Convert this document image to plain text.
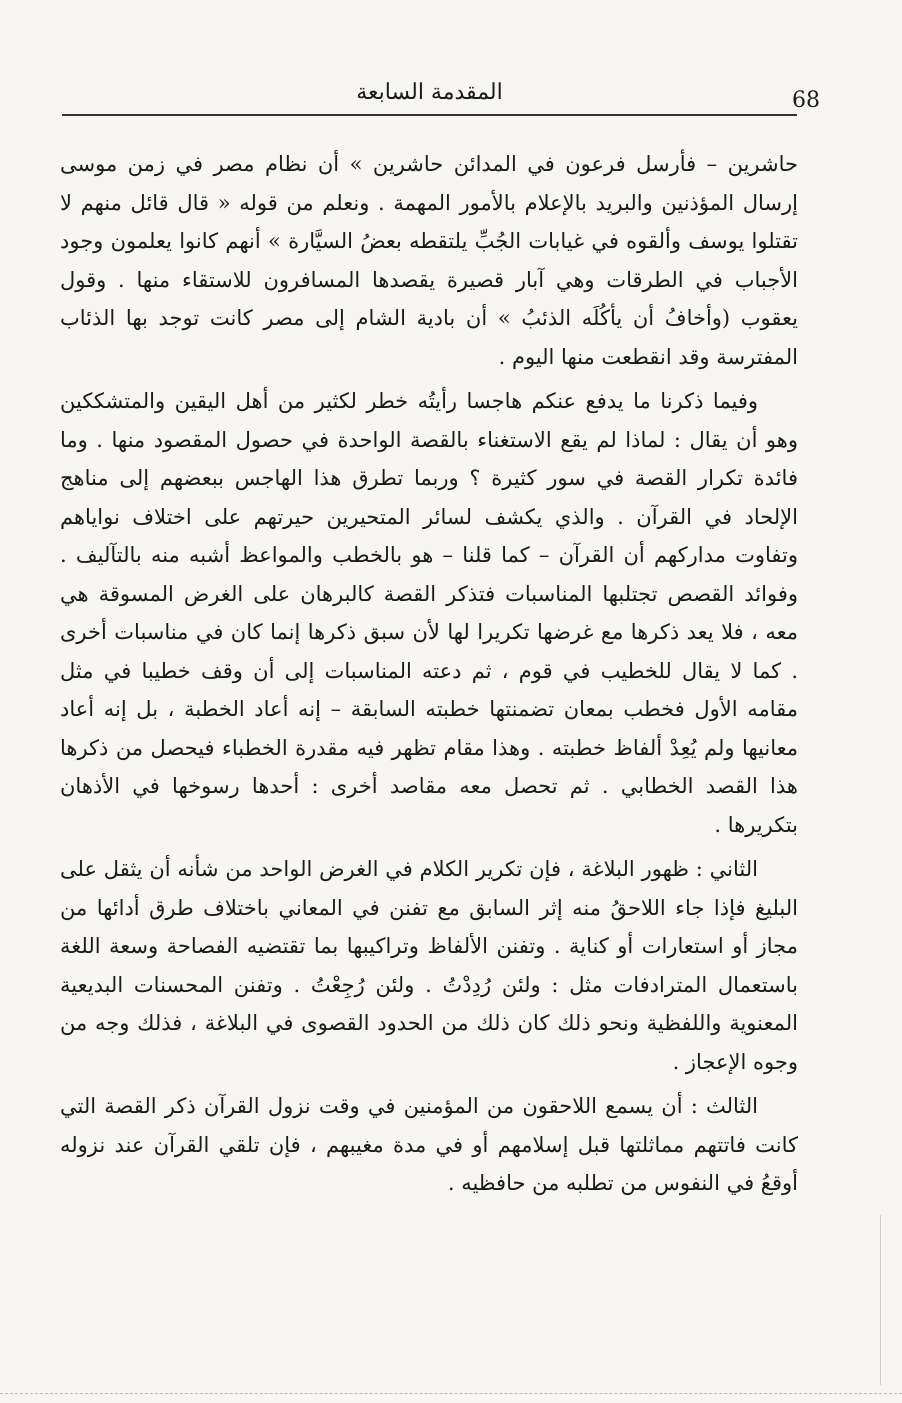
المقدمة السابعة	68

حاشرين – فأرسل فرعون في المدائن حاشرين » أن نظام مصر في زمن موسى إرسال المؤذنين والبريد بالإعلام بالأمور المهمة . ونعلم من قوله « قال قائل منهم لا تقتلوا يوسف وألقوه في غيابات الجُبِّ يلتقطه بعضُ السيَّارة » أنهم كانوا يعلمون وجود الأجباب في الطرقات وهي آبار قصيرة يقصدها المسافرون للاستقاء منها . وقول يعقوب (وأخافُ أن يأكُلَه الذئبُ » أن بادية الشام إلى مصر كانت توجد بها الذئاب المفترسة وقد انقطعت منها اليوم .

وفيما ذكرنا ما يدفع عنكم هاجسا رأيتُه خطر لكثير من أهل اليقين والمتشككين وهو أن يقال : لماذا لم يقع الاستغناء بالقصة الواحدة في حصول المقصود منها . وما فائدة تكرار القصة في سور كثيرة ؟ وربما تطرق هذا الهاجس ببعضهم إلى مناهج الإلحاد في القرآن . والذي يكشف لسائر المتحيرين حيرتهم على اختلاف نواياهم وتفاوت مداركهم أن القرآن – كما قلنا – هو بالخطب والمواعظ أشبه منه بالتآليف . وفوائد القصص تجتلبها المناسبات فتذكر القصة كالبرهان على الغرض المسوقة هي معه ، فلا يعد ذكرها مع غرضها تكريرا لها لأن سبق ذكرها إنما كان في مناسبات أخرى . كما لا يقال للخطيب في قوم ، ثم دعته المناسبات إلى أن وقف خطيبا في مثل مقامه الأول فخطب بمعان تضمنتها خطبته السابقة – إنه أعاد الخطبة ، بل إنه أعاد معانيها ولم يُعِدْ ألفاظ خطبته . وهذا مقام تظهر فيه مقدرة الخطباء فيحصل من ذكرها هذا القصد الخطابي . ثم تحصل معه مقاصد أخرى : أحدها رسوخها في الأذهان بتكريرها .

الثاني : ظهور البلاغة ، فإن تكرير الكلام في الغرض الواحد من شأنه أن يثقل على البليغ فإذا جاء اللاحقُ منه إثر السابق مع تفنن في المعاني باختلاف طرق أدائها من مجاز أو استعارات أو كناية . وتفنن الألفاظ وتراكيبها بما تقتضيه الفصاحة وسعة اللغة باستعمال المترادفات مثل : ولئن رُدِدْتُ . ولئن رُجِعْتُ . وتفنن المحسنات البديعية المعنوية واللفظية ونحو ذلك كان ذلك من الحدود القصوى في البلاغة ، فذلك وجه من وجوه الإعجاز .

الثالث : أن يسمع اللاحقون من المؤمنين في وقت نزول القرآن ذكر القصة التي كانت فاتتهم مماثلتها قبل إسلامهم أو في مدة مغيبهم ، فإن تلقي القرآن عند نزوله أوقعُ في النفوس من تطلبه من حافظيه .
